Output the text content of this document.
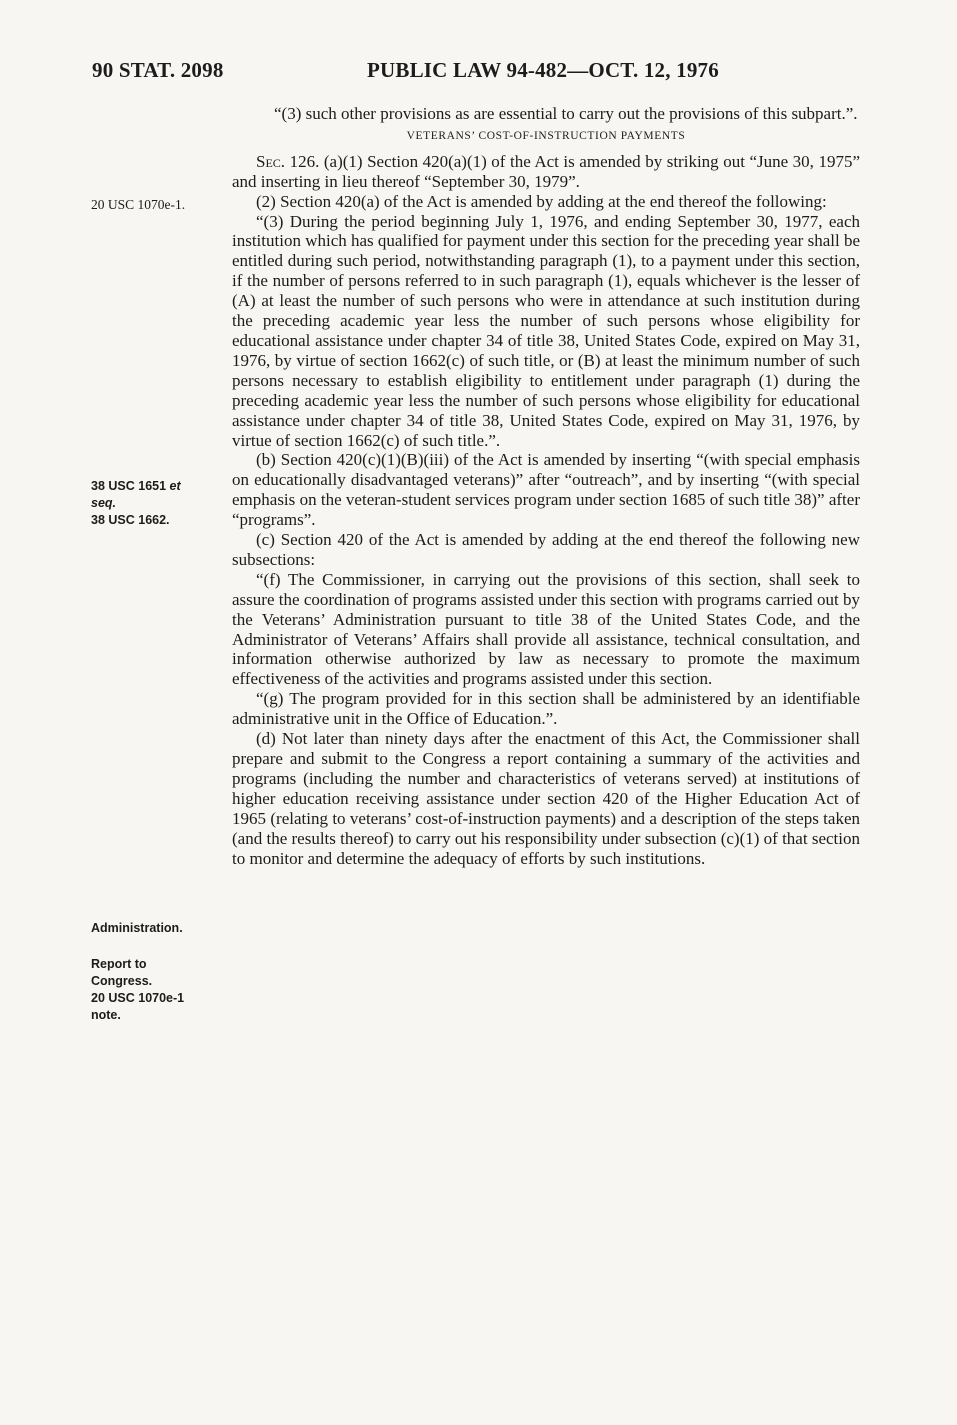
90 STAT. 2098	PUBLIC LAW 94-482—OCT. 12, 1976
20 USC 1070e-1.
38 USC 1651 et
seq.
38 USC 1662.
Administration.
Report to
Congress.
20 USC 1070e-1
note.

“(3) such other provisions as are essential to carry out the provisions of this subpart.”.

VETERANS’ COST-OF-INSTRUCTION PAYMENTS

Sec. 126. (a)(1) Section 420(a)(1) of the Act is amended by striking out “June 30, 1975” and inserting in lieu thereof “September 30, 1979”.

(2) Section 420(a) of the Act is amended by adding at the end thereof the following:

“(3) During the period beginning July 1, 1976, and ending September 30, 1977, each institution which has qualified for payment under this section for the preceding year shall be entitled during such period, notwithstanding paragraph (1), to a payment under this section, if the number of persons referred to in such paragraph (1), equals whichever is the lesser of (A) at least the number of such persons who were in attendance at such institution during the preceding academic year less the number of such persons whose eligibility for educational assistance under chapter 34 of title 38, United States Code, expired on May 31, 1976, by virtue of section 1662(c) of such title, or (B) at least the minimum number of such persons necessary to establish eligibility to entitlement under paragraph (1) during the preceding academic year less the number of such persons whose eligibility for educational assistance under chapter 34 of title 38, United States Code, expired on May 31, 1976, by virtue of section 1662(c) of such title.”.

(b) Section 420(c)(1)(B)(iii) of the Act is amended by inserting “(with special emphasis on educationally disadvantaged veterans)” after “outreach”, and by inserting “(with special emphasis on the veteran-student services program under section 1685 of such title 38)” after “programs”.

(c) Section 420 of the Act is amended by adding at the end thereof the following new subsections:

“(f) The Commissioner, in carrying out the provisions of this section, shall seek to assure the coordination of programs assisted under this section with programs carried out by the Veterans’ Administration pursuant to title 38 of the United States Code, and the Administrator of Veterans’ Affairs shall provide all assistance, technical consultation, and information otherwise authorized by law as necessary to promote the maximum effectiveness of the activities and programs assisted under this section.

“(g) The program provided for in this section shall be administered by an identifiable administrative unit in the Office of Education.”.

(d) Not later than ninety days after the enactment of this Act, the Commissioner shall prepare and submit to the Congress a report containing a summary of the activities and programs (including the number and characteristics of veterans served) at institutions of higher education receiving assistance under section 420 of the Higher Education Act of 1965 (relating to veterans’ cost-of-instruction payments) and a description of the steps taken (and the results thereof) to carry out his responsibility under subsection (c)(1) of that section to monitor and determine the adequacy of efforts by such institutions.
